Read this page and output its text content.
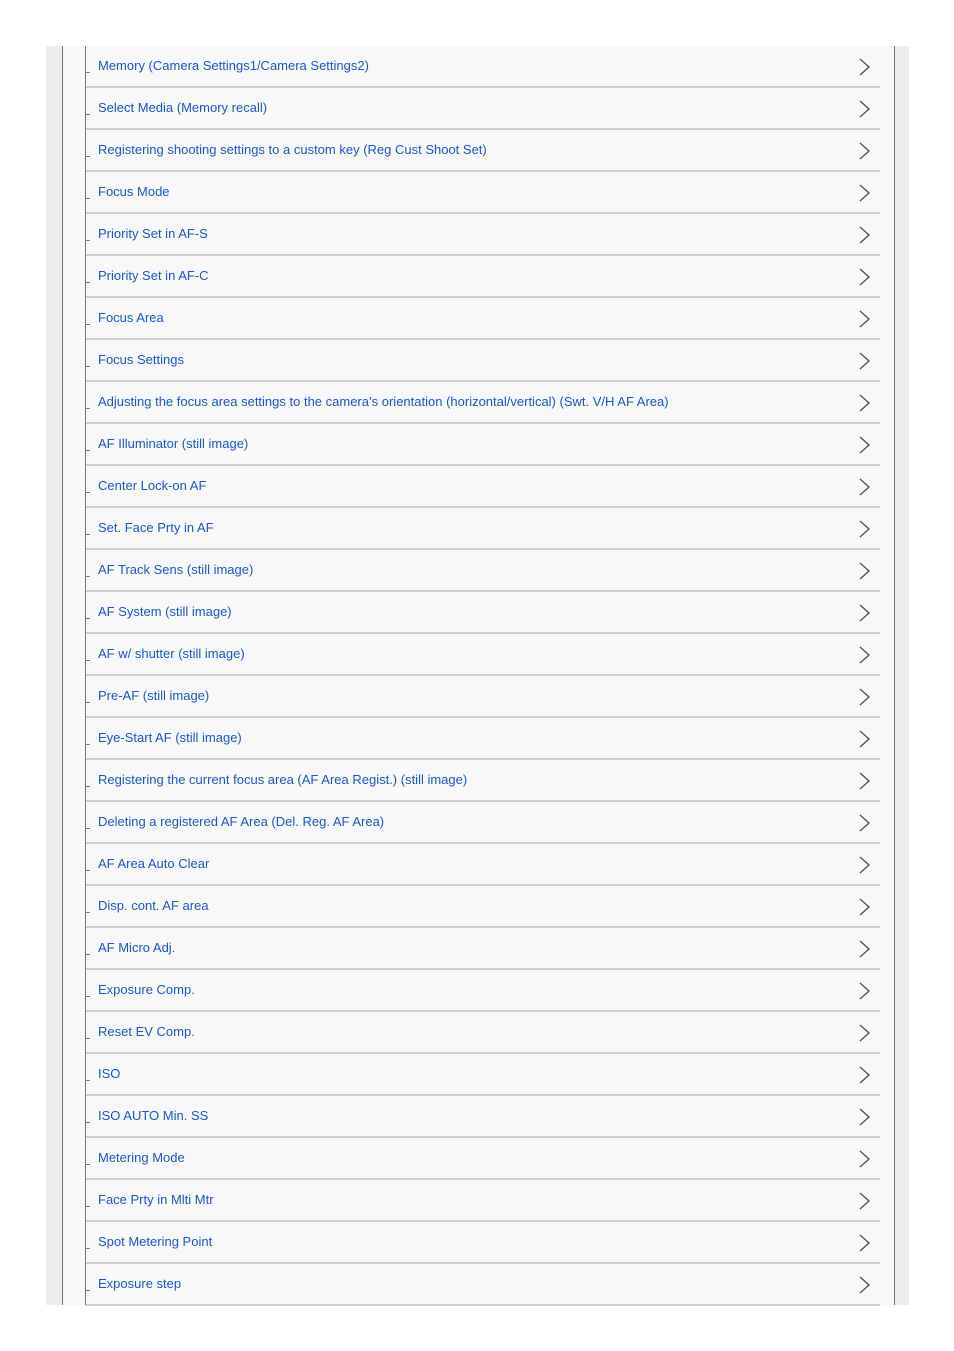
Memory (Camera Settings1/Camera Settings2)
Select Media (Memory recall)
Registering shooting settings to a custom key (Reg Cust Shoot Set)
Focus Mode
Priority Set in AF-S
Priority Set in AF-C
Focus Area
Focus Settings
Adjusting the focus area settings to the camera’s orientation (horizontal/vertical) (Swt. V/H AF Area)
AF Illuminator (still image)
Center Lock-on AF
Set. Face Prty in AF
AF Track Sens (still image)
AF System (still image)
AF w/ shutter (still image)
Pre-AF (still image)
Eye-Start AF (still image)
Registering the current focus area (AF Area Regist.) (still image)
Deleting a registered AF Area (Del. Reg. AF Area)
AF Area Auto Clear
Disp. cont. AF area
AF Micro Adj.
Exposure Comp.
Reset EV Comp.
ISO
ISO AUTO Min. SS
Metering Mode
Face Prty in Mlti Mtr
Spot Metering Point
Exposure step
